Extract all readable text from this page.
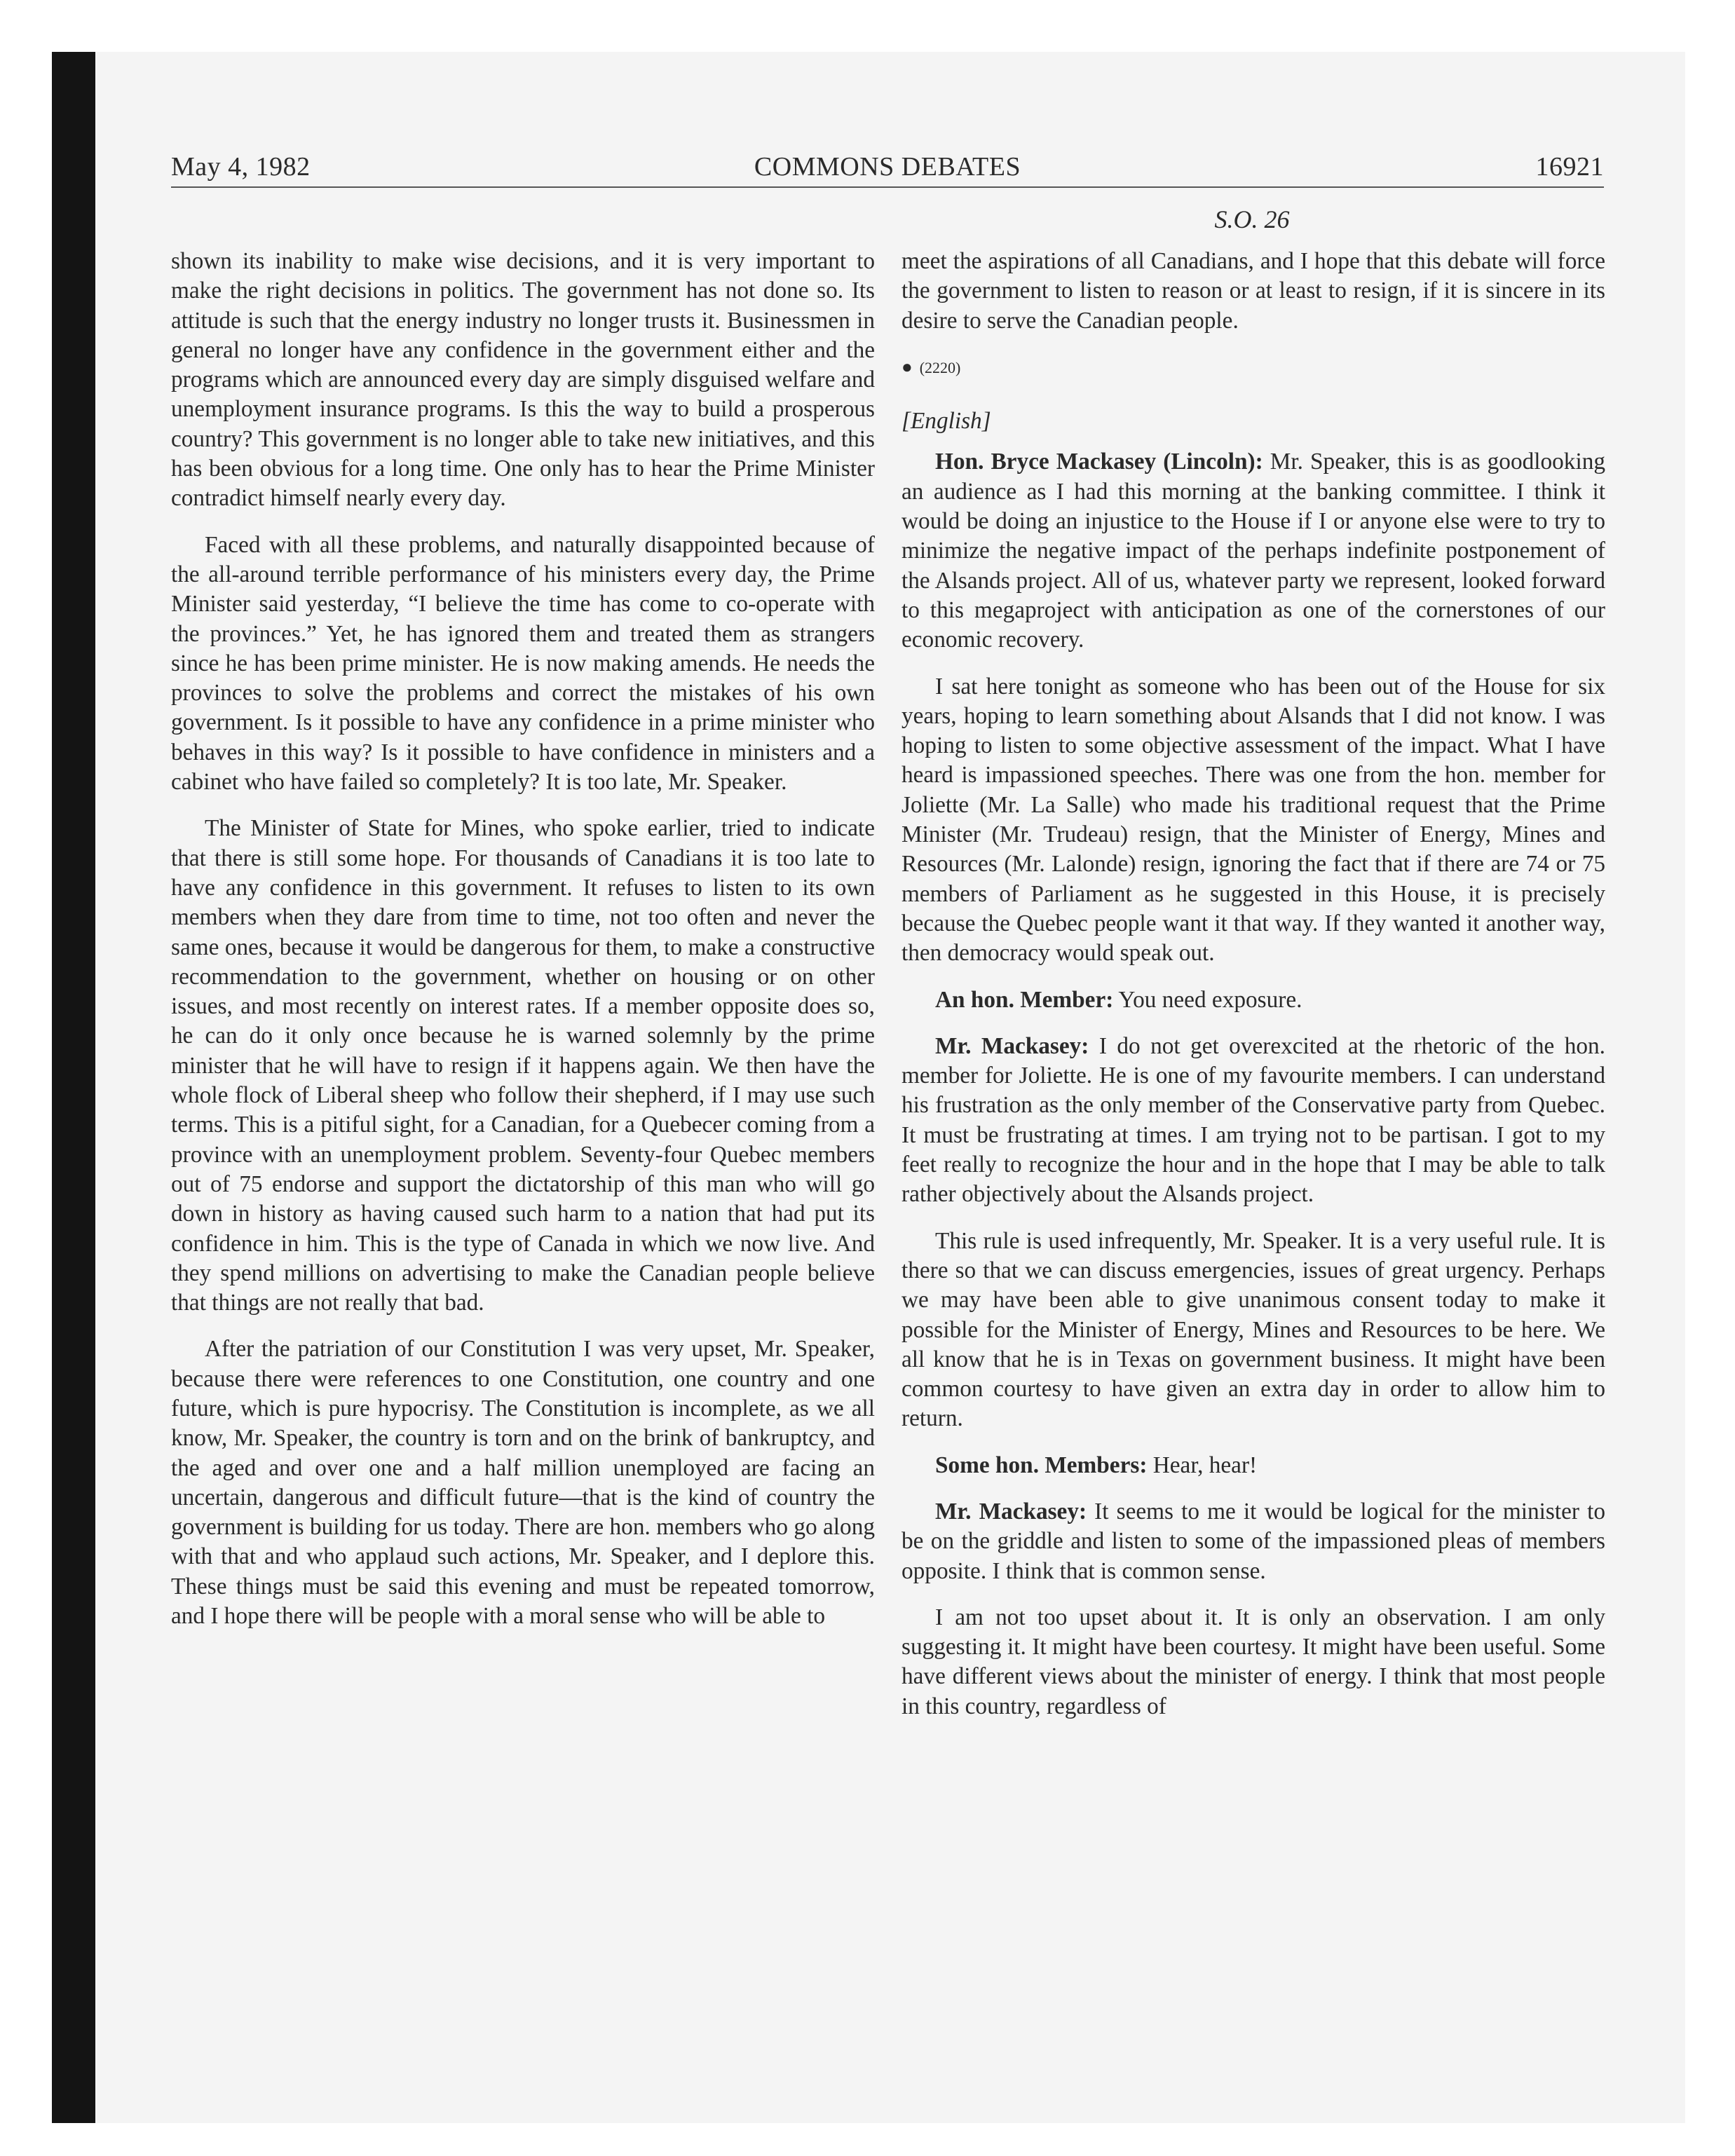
May 4, 1982	COMMONS DEBATES	16921
S.O. 26

shown its inability to make wise decisions, and it is very important to make the right decisions in politics. The government has not done so. Its attitude is such that the energy industry no longer trusts it. Businessmen in general no longer have any confidence in the government either and the programs which are announced every day are simply disguised welfare and unemployment insurance programs. Is this the way to build a prosperous country? This government is no longer able to take new initiatives, and this has been obvious for a long time. One only has to hear the Prime Minister contradict himself nearly every day.

Faced with all these problems, and naturally disappointed because of the all-around terrible performance of his ministers every day, the Prime Minister said yesterday, “I believe the time has come to co-operate with the provinces.” Yet, he has ignored them and treated them as strangers since he has been prime minister. He is now making amends. He needs the provinces to solve the problems and correct the mistakes of his own government. Is it possible to have any confidence in a prime minister who behaves in this way? Is it possible to have confidence in ministers and a cabinet who have failed so completely? It is too late, Mr. Speaker.

The Minister of State for Mines, who spoke earlier, tried to indicate that there is still some hope. For thousands of Canadians it is too late to have any confidence in this government. It refuses to listen to its own members when they dare from time to time, not too often and never the same ones, because it would be dangerous for them, to make a constructive recommendation to the government, whether on housing or on other issues, and most recently on interest rates. If a member opposite does so, he can do it only once because he is warned solemnly by the prime minister that he will have to resign if it happens again. We then have the whole flock of Liberal sheep who follow their shepherd, if I may use such terms. This is a pitiful sight, for a Canadian, for a Quebecer coming from a province with an unemployment problem. Seventy-four Quebec members out of 75 endorse and support the dictatorship of this man who will go down in history as having caused such harm to a nation that had put its confidence in him. This is the type of Canada in which we now live. And they spend millions on advertising to make the Canadian people believe that things are not really that bad.

After the patriation of our Constitution I was very upset, Mr. Speaker, because there were references to one Constitution, one country and one future, which is pure hypocrisy. The Constitution is incomplete, as we all know, Mr. Speaker, the country is torn and on the brink of bankruptcy, and the aged and over one and a half million unemployed are facing an uncertain, dangerous and difficult future—that is the kind of country the government is building for us today. There are hon. members who go along with that and who applaud such actions, Mr. Speaker, and I deplore this. These things must be said this evening and must be repeated tomorrow, and I hope there will be people with a moral sense who will be able to

meet the aspirations of all Canadians, and I hope that this debate will force the government to listen to reason or at least to resign, if it is sincere in its desire to serve the Canadian people.

● (2220)
[English]

Hon. Bryce Mackasey (Lincoln): Mr. Speaker, this is as goodlooking an audience as I had this morning at the banking committee. I think it would be doing an injustice to the House if I or anyone else were to try to minimize the negative impact of the perhaps indefinite postponement of the Alsands project. All of us, whatever party we represent, looked forward to this megaproject with anticipation as one of the cornerstones of our economic recovery.

I sat here tonight as someone who has been out of the House for six years, hoping to learn something about Alsands that I did not know. I was hoping to listen to some objective assessment of the impact. What I have heard is impassioned speeches. There was one from the hon. member for Joliette (Mr. La Salle) who made his traditional request that the Prime Minister (Mr. Trudeau) resign, that the Minister of Energy, Mines and Resources (Mr. Lalonde) resign, ignoring the fact that if there are 74 or 75 members of Parliament as he suggested in this House, it is precisely because the Quebec people want it that way. If they wanted it another way, then democracy would speak out.

An hon. Member: You need exposure.

Mr. Mackasey: I do not get overexcited at the rhetoric of the hon. member for Joliette. He is one of my favourite members. I can understand his frustration as the only member of the Conservative party from Quebec. It must be frustrating at times. I am trying not to be partisan. I got to my feet really to recognize the hour and in the hope that I may be able to talk rather objectively about the Alsands project.

This rule is used infrequently, Mr. Speaker. It is a very useful rule. It is there so that we can discuss emergencies, issues of great urgency. Perhaps we may have been able to give unanimous consent today to make it possible for the Minister of Energy, Mines and Resources to be here. We all know that he is in Texas on government business. It might have been common courtesy to have given an extra day in order to allow him to return.

Some hon. Members: Hear, hear!

Mr. Mackasey: It seems to me it would be logical for the minister to be on the griddle and listen to some of the impassioned pleas of members opposite. I think that is common sense.

I am not too upset about it. It is only an observation. I am only suggesting it. It might have been courtesy. It might have been useful. Some have different views about the minister of energy. I think that most people in this country, regardless of
